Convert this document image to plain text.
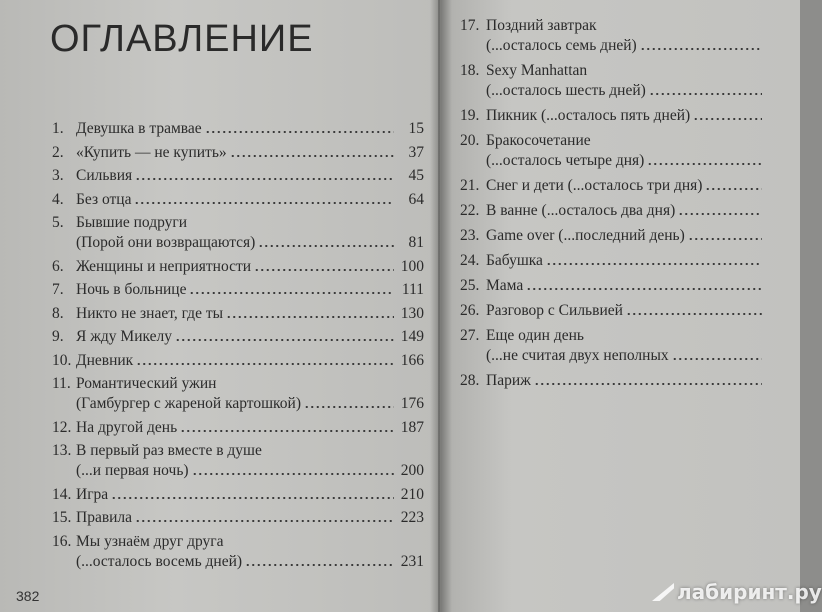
ОГЛАВЛЕНИЕ
1. Девушка в трамвае	15
2. «Купить — не купить»	37
3. Сильвия	45
4. Без отца	64
5. Бывшие подруги
(Порой они возвращаются)	81
6. Женщины и неприятности	100
7. Ночь в больнице	111
8. Никто не знает, где ты	130
9. Я жду Микелу	149
10. Дневник	166
11. Романтический ужин
(Гамбургер с жареной картошкой)	176
12. На другой день	187
13. В первый раз вместе в душе
(...и первая ночь)	200
14. Игра	210
15. Правила	223
16. Мы узнаём друг друга
(...осталось восемь дней)	231
17. Поздний завтрак
(...осталось семь дней)
18. Sexy Manhattan
(...осталось шесть дней)
19. Пикник (...осталось пять дней)
20. Бракосочетание
(...осталось четыре дня)
21. Снег и дети (...осталось три дня)
22. В ванне (...осталось два дня)
23. Game over (...последний день)
24. Бабушка
25. Мама
26. Разговор с Сильвией
27. Еще один день
(...не считая двух неполных
28. Париж
382	лабиринт.ру
